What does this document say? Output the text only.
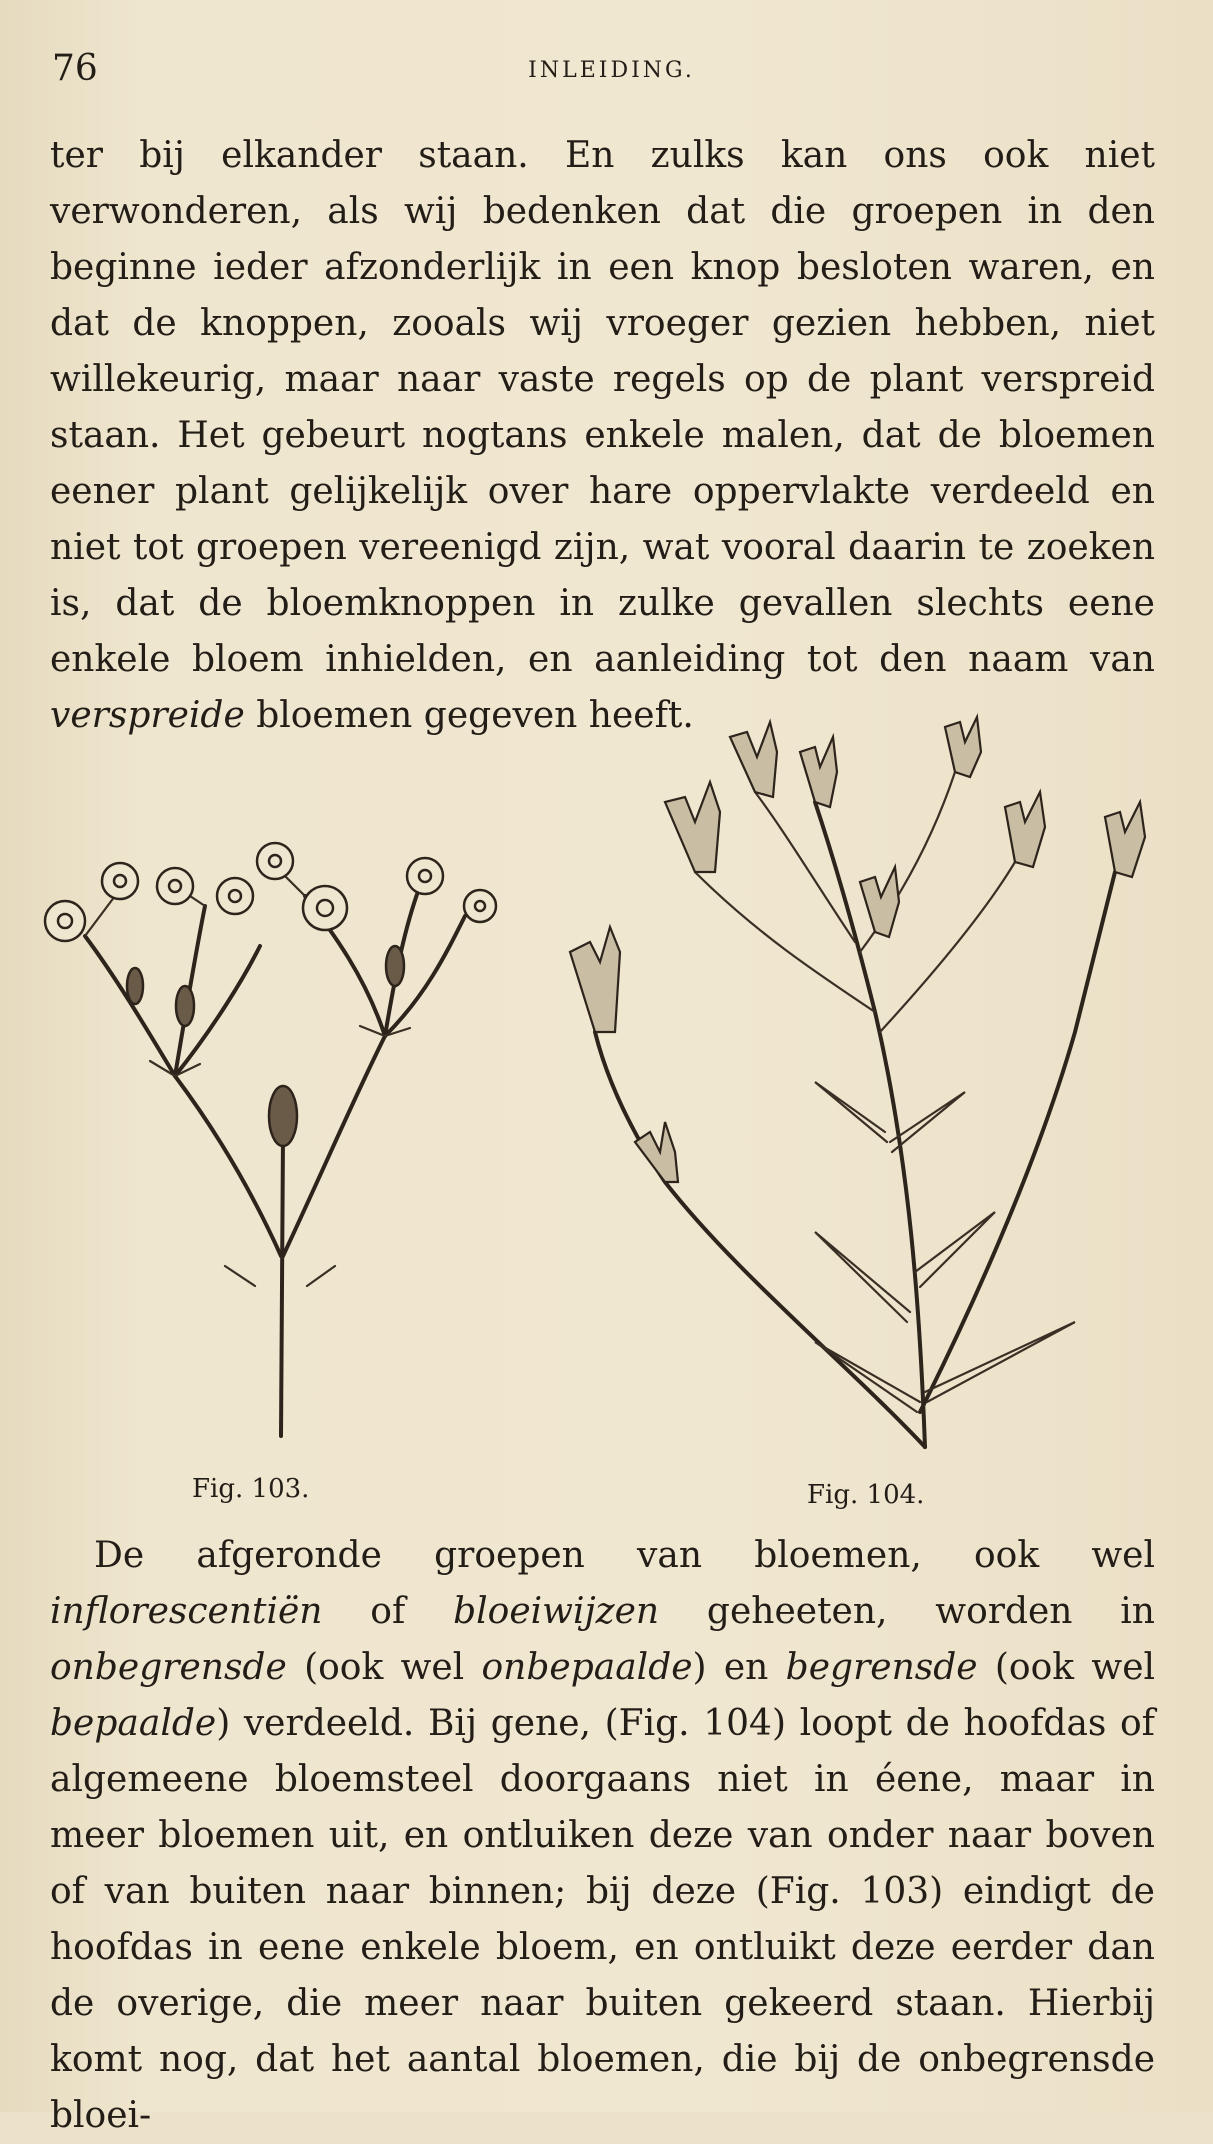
76	INLEIDING.

ter bij elkander staan. En zulks kan ons ook niet verwonderen, als wij bedenken dat die groepen in den beginne ieder afzonderlijk in een knop besloten waren, en dat de knoppen, zooals wij vroeger gezien hebben, niet willekeurig, maar naar vaste regels op de plant verspreid staan. Het gebeurt nogtans enkele malen, dat de bloemen eener plant gelijkelijk over hare oppervlakte verdeeld en niet tot groepen vereenigd zijn, wat vooral daarin te zoeken is, dat de bloemknoppen in zulke gevallen slechts eene enkele bloem inhielden, en aanleiding tot den naam van verspreide bloemen gegeven heeft.

Fig. 103.	Fig. 104.

De afgeronde groepen van bloemen, ook wel inflorescentiën of bloeiwijzen geheeten, worden in onbegrensde (ook wel onbepaalde) en begrensde (ook wel bepaalde) verdeeld. Bij gene, (Fig. 104) loopt de hoofdas of algemeene bloemsteel doorgaans niet in éene, maar in meer bloemen uit, en ontluiken deze van onder naar boven of van buiten naar binnen; bij deze (Fig. 103) eindigt de hoofdas in eene enkele bloem, en ontluikt deze eerder dan de overige, die meer naar buiten gekeerd staan. Hierbij komt nog, dat het aantal bloemen, die bij de onbegrensde bloei-
